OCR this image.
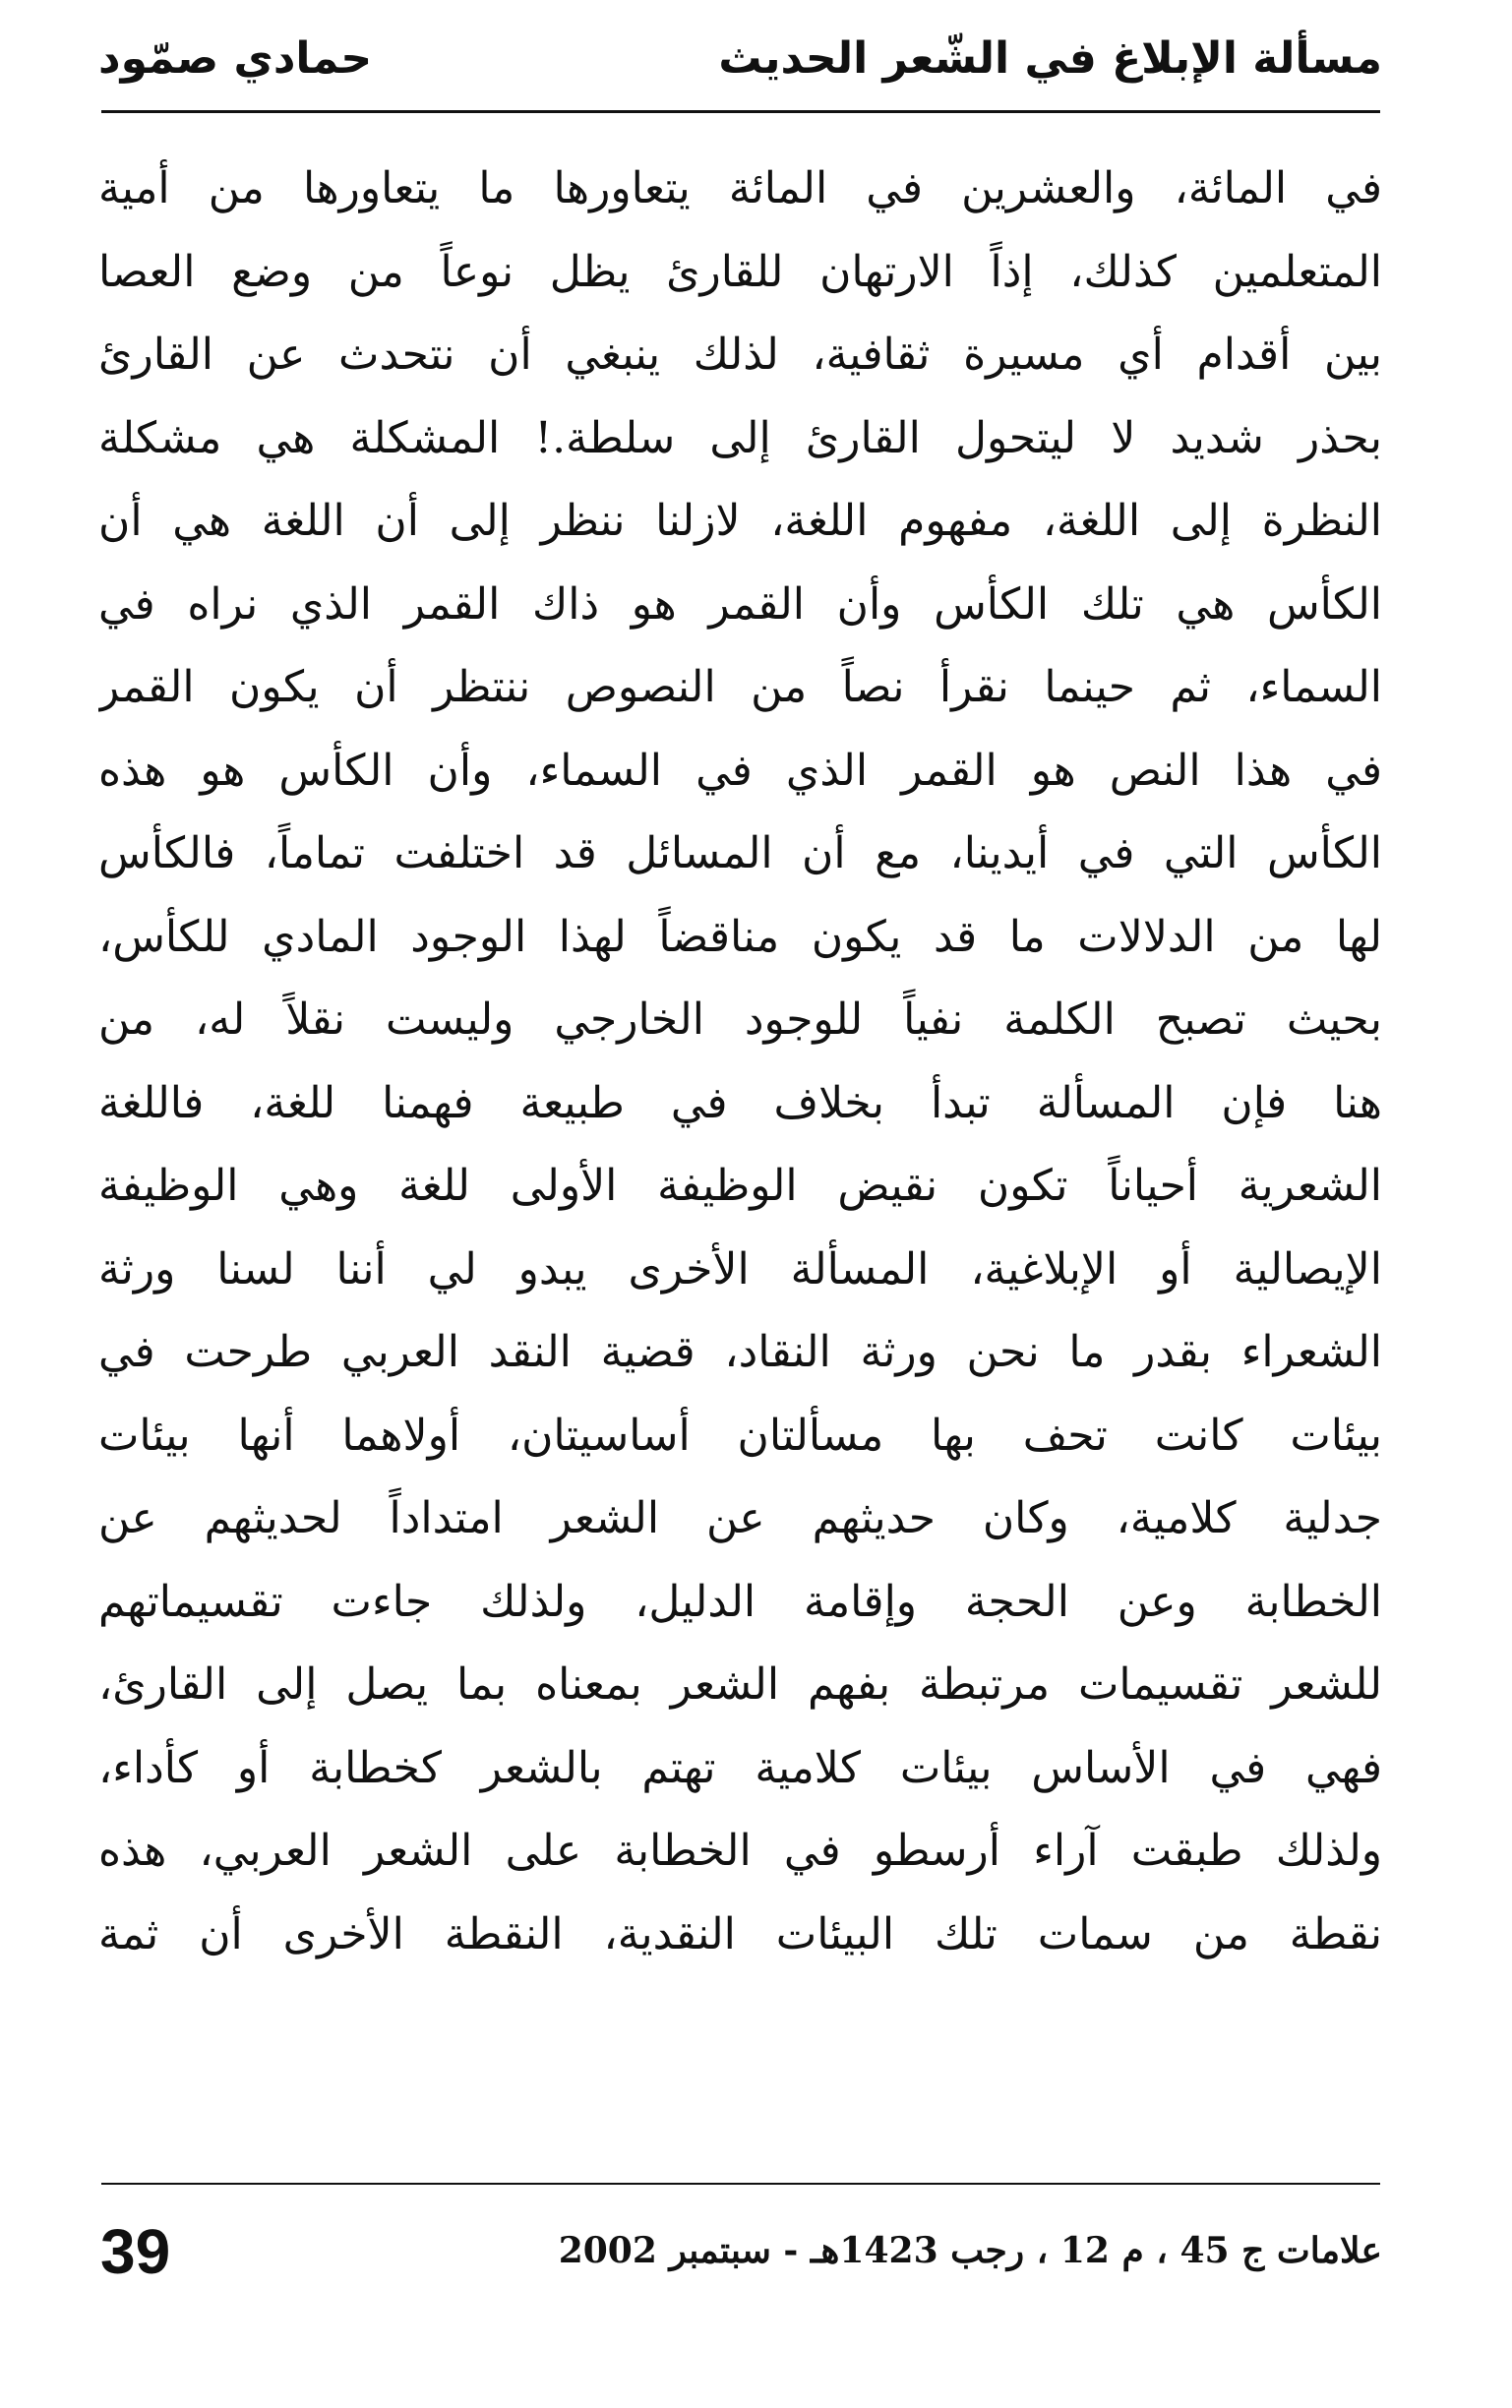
مسألة الإبلاغ في الشّعر الحديث
حمادي صمّود
في المائة، والعشرين في المائة يتعاورها ما يتعاورها من أمية
المتعلمين كذلك، إذاً الارتهان للقارئ يظل نوعاً من وضع العصا
بين أقدام أي مسيرة ثقافية، لذلك ينبغي أن نتحدث عن القارئ
بحذر شديد لا ليتحول القارئ إلى سلطة.! المشكلة هي مشكلة
النظرة إلى اللغة، مفهوم اللغة، لازلنا ننظر إلى أن اللغة هي أن
الكأس هي تلك الكأس وأن القمر هو ذاك القمر الذي نراه في
السماء، ثم حينما نقرأ نصاً من النصوص ننتظر أن يكون القمر
في هذا النص هو القمر الذي في السماء، وأن الكأس هو هذه
الكأس التي في أيدينا، مع أن المسائل قد اختلفت تماماً، فالكأس
لها من الدلالات ما قد يكون مناقضاً لهذا الوجود المادي للكأس،
بحيث تصبح الكلمة نفياً للوجود الخارجي وليست نقلاً له، من
هنا فإن المسألة تبدأ بخلاف في طبيعة فهمنا للغة، فاللغة
الشعرية أحياناً تكون نقيض الوظيفة الأولى للغة وهي الوظيفة
الإيصالية أو الإبلاغية، المسألة الأخرى يبدو لي أننا لسنا ورثة
الشعراء بقدر ما نحن ورثة النقاد، قضية النقد العربي طرحت في
بيئات كانت تحف بها مسألتان أساسيتان، أولاهما أنها بيئات
جدلية كلامية، وكان حديثهم عن الشعر امتداداً لحديثهم عن
الخطابة وعن الحجة وإقامة الدليل، ولذلك جاءت تقسيماتهم
للشعر تقسيمات مرتبطة بفهم الشعر بمعناه بما يصل إلى القارئ،
فهي في الأساس بيئات كلامية تهتم بالشعر كخطابة أو كأداء،
ولذلك طبقت آراء أرسطو في الخطابة على الشعر العربي، هذه
نقطة من سمات تلك البيئات النقدية، النقطة الأخرى أن ثمة
علامات ج 45 ، م 12 ، رجب 1423هـ - سبتمبر 2002
39
